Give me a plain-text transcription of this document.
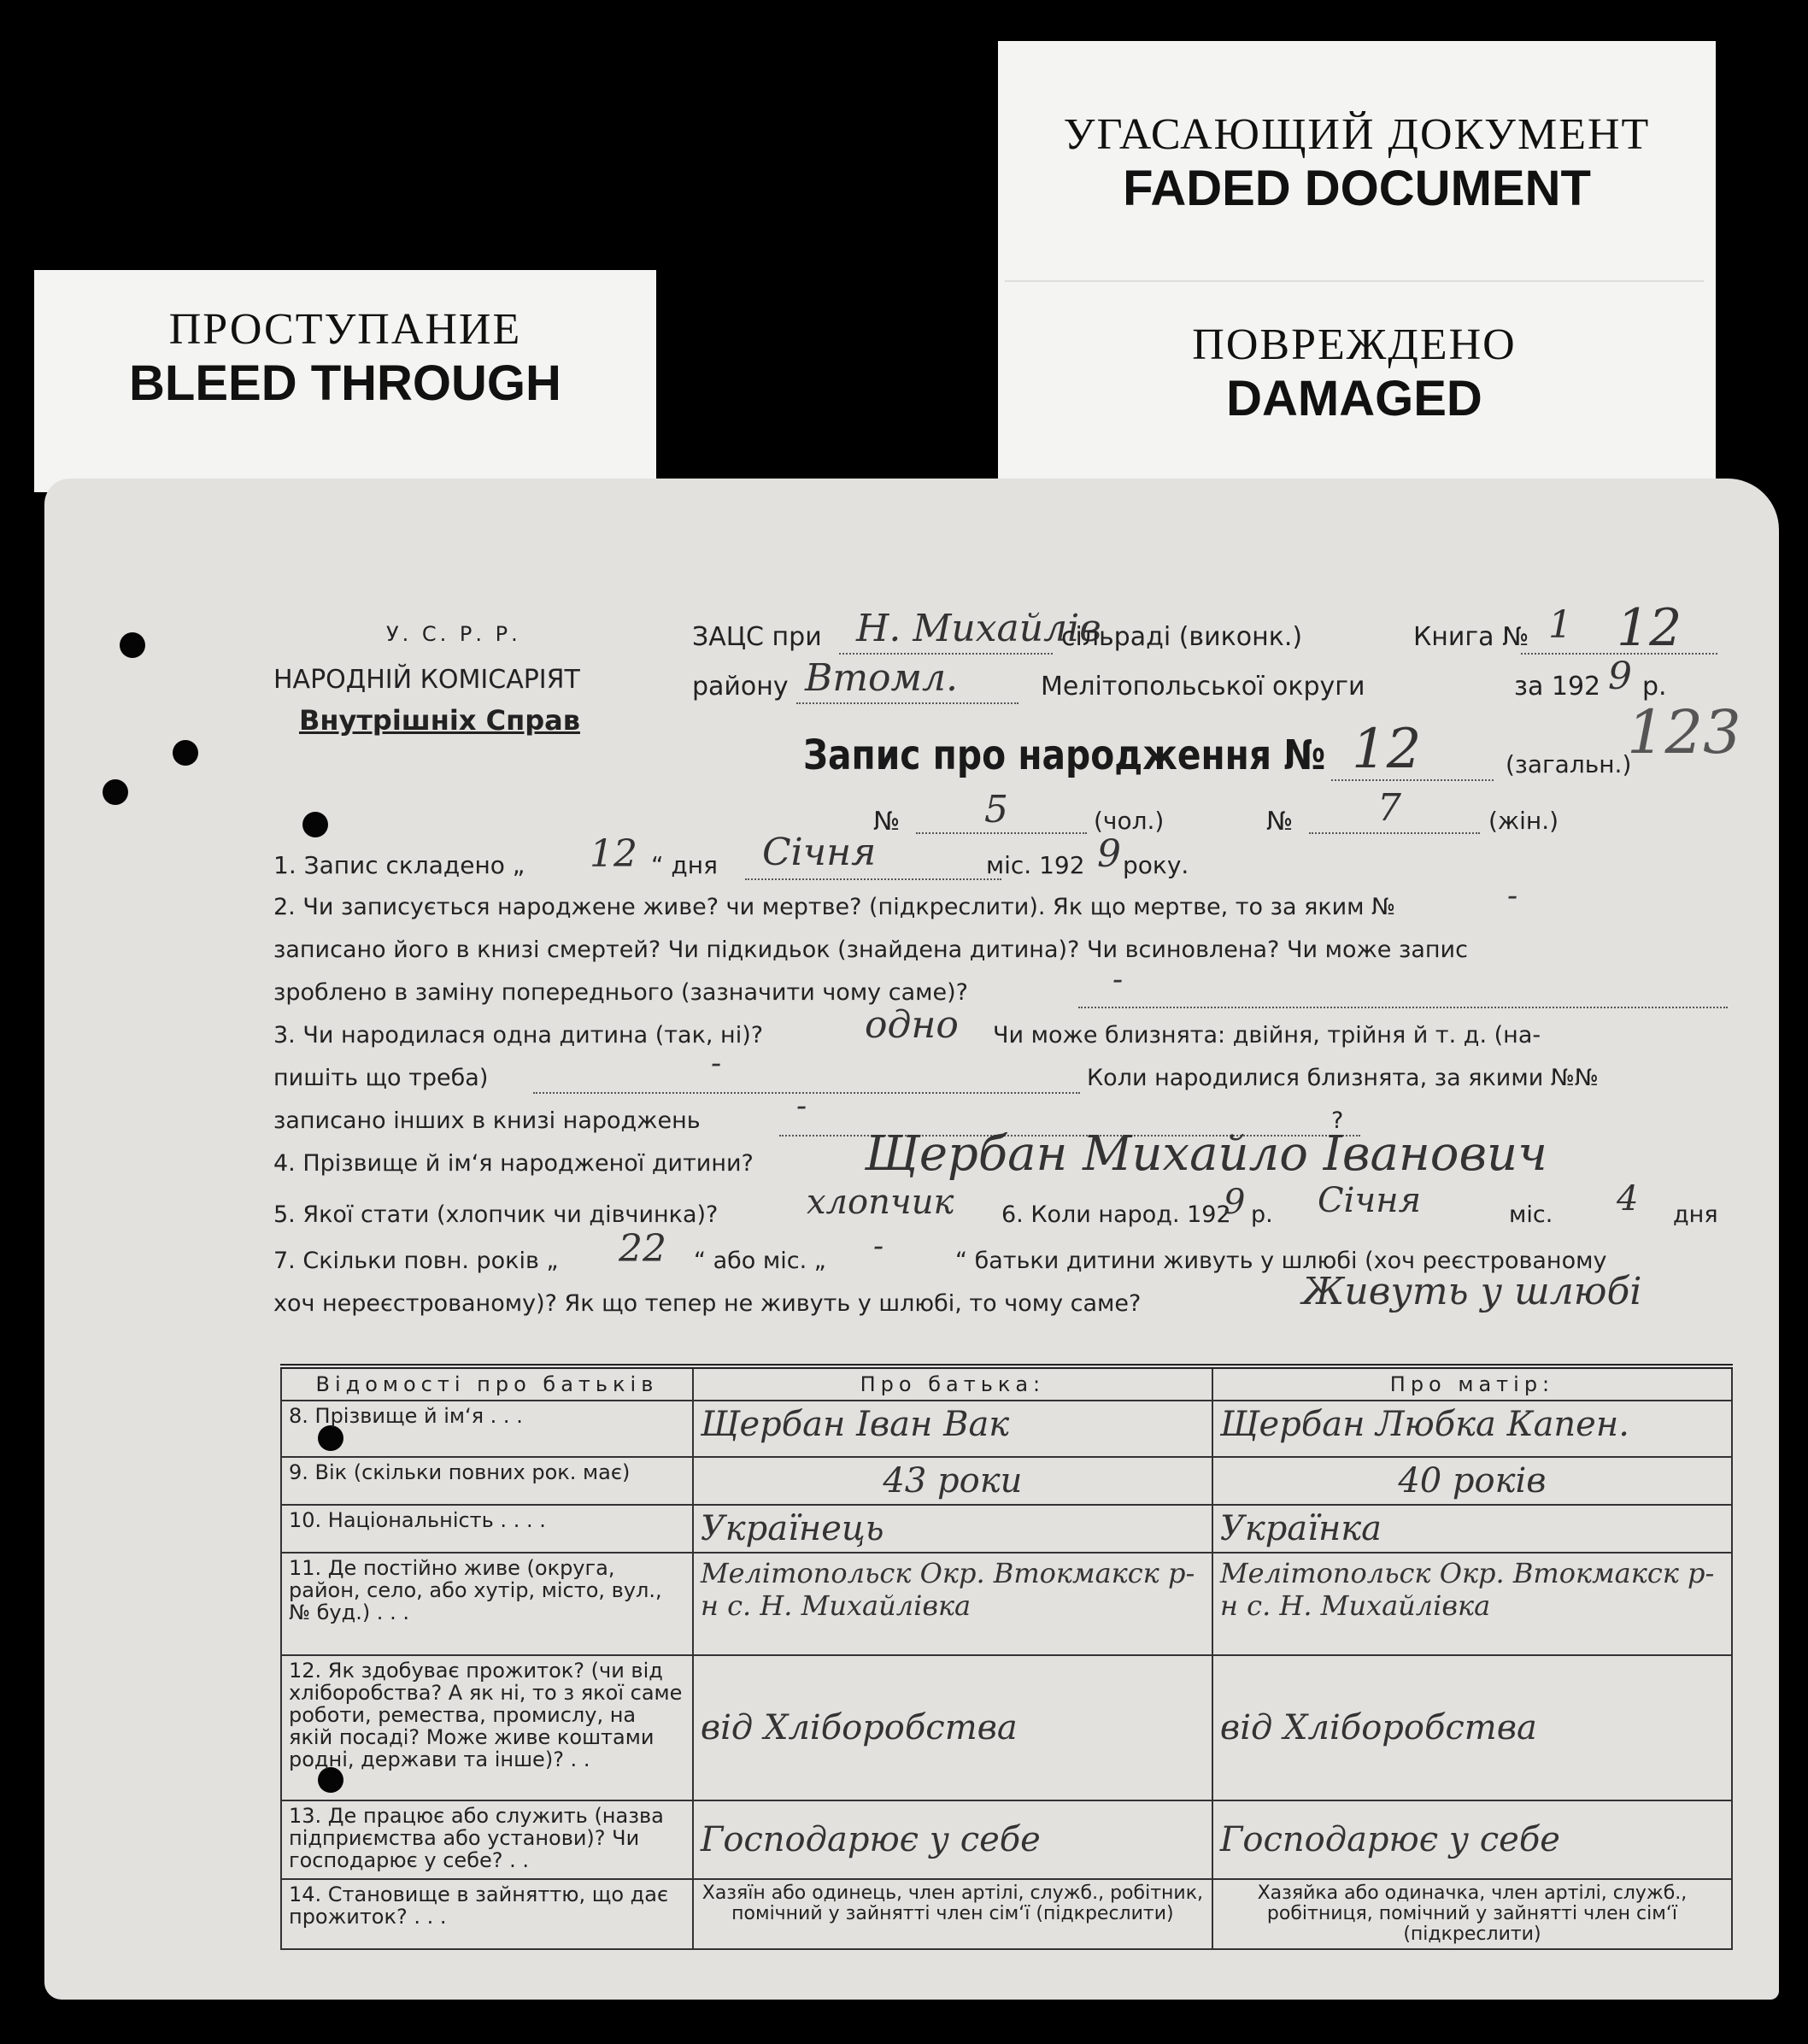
ПРОСТУПАНИЕ
BLEED THROUGH
УГАСАЮЩИЙ ДОКУМЕНТ
FADED DOCUMENT
ПОВРЕЖДЕНО
DAMAGED
У. С. Р. Р.
НАРОДНІЙ КОМІСАРІЯТ
Внутрішніх Справ
ЗАЦС при Н. Михайлів
сільраді (виконк.)	Книга № 1 12
району Втомл.	Мелітопольської округи	за 192 9 р.
123
Запис про народження № 12	(загальн.)
№ 5	(чол.)	№ 7	(жін.)
1. Запис складено „ 12 “ дня Січня	міс. 192 9 року.
2. Чи записується народжене живе? чи мертве? (підкреслити). Як що мертве, то за яким №	-
записано його в книзі смертей? Чи підкидьок (знайдена дитина)? Чи всиновлена? Чи може запис
зроблено в заміну попереднього (зазначити чому саме)?	-
3. Чи народилася одна дитина (так, ні)?	одно Чи може близнята: двійня, трійня й т. д. (на-
пишіть що треба)	-	Коли народилися близнята, за якими №№
записано інших в книзі народжень	-	?
4. Прізвище й ім‘я народженої дитини? Щербан Михайло Іванович
5. Якої стати (хлопчик чи дівчинка)?	хлопчик 6. Коли народ. 192
9 р. Січня	міс. 4 дня
7. Скільки повн. років „ 22 “ або міс. „ -	“ батьки дитини живуть у шлюбі (хоч реєстрованому
хоч нереєстрованому)? Як що тепер не живуть у шлюбі, то чому саме?	Живуть у шлюбі
Відомості про батьків	Про батька:	Про матір:
8. Прізвище й ім‘я . . .	Щербан Іван Вак	Щербан Любка Капен.
9. Вік (скільки повних рок. має)	43 роки	40 років
10. Національність . . . .	Українець	Українка
11. Де постійно живе (округа, район, село, або хутір, місто, вул., № буд.) . . .	Мелітопольск Окр. Втокмакск р-н с. Н. Михайлівка	Мелітопольск Окр. Втокмакск р-н с. Н. Михайлівка
12. Як здобуває прожиток? (чи від хліборобства? А як ні, то з якої саме роботи, ремества, промислу, на якій посаді? Може живе коштами родні, держави та інше)? . .	від Хліборобства	від Хліборобства
13. Де працює або служить (назва підприємства або установи)? Чи господарює у себе? . .	Господарює у себе	Господарює у себе
14. Становище в зайняттю, що дає прожиток? . . .	Хазяїн або одинець, член артілі, служб., робітник, помічний у зайнятті член сім‘ї (підкреслити)	Хазяйка або одиначка, член артілі, служб., робітниця, помічний у зайнятті член сім‘ї (підкреслити)
